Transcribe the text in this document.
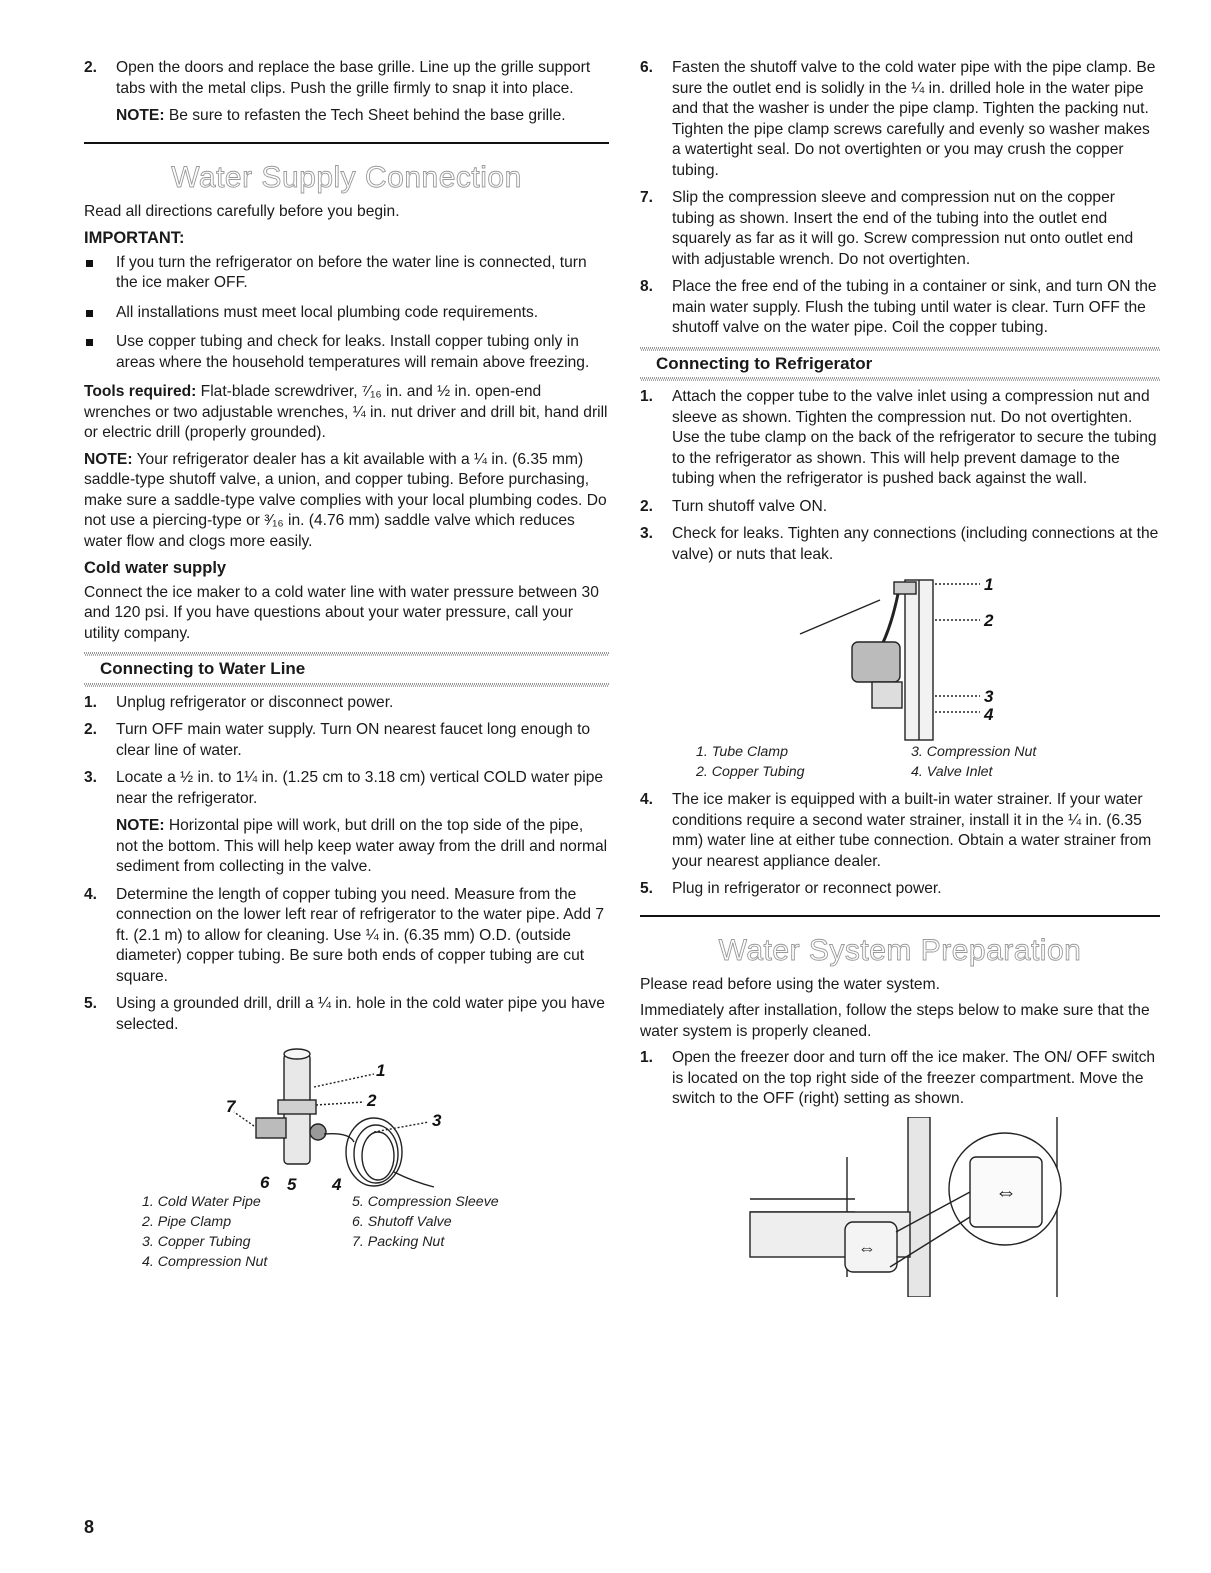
2. Open the doors and replace the base grille. Line up the grille support tabs with the metal clips. Push the grille firmly to snap it into place.

NOTE: Be sure to refasten the Tech Sheet behind the base grille.

Water Supply Connection

Read all directions carefully before you begin.

IMPORTANT:
If you turn the refrigerator on before the water line is connected, turn the ice maker OFF.
All installations must meet local plumbing code requirements.
Use copper tubing and check for leaks. Install copper tubing only in areas where the household temperatures will remain above freezing.

Tools required: Flat-blade screwdriver, ⁷⁄₁₆ in. and ½ in. open-end wrenches or two adjustable wrenches, ¼ in. nut driver and drill bit, hand drill or electric drill (properly grounded).

NOTE: Your refrigerator dealer has a kit available with a ¼ in. (6.35 mm) saddle-type shutoff valve, a union, and copper tubing. Before purchasing, make sure a saddle-type valve complies with your local plumbing codes. Do not use a piercing-type or ³⁄₁₆ in. (4.76 mm) saddle valve which reduces water flow and clogs more easily.

Cold water supply

Connect the ice maker to a cold water line with water pressure between 30 and 120 psi. If you have questions about your water pressure, call your utility company.

Connecting to Water Line
1. Unplug refrigerator or disconnect power.

2. Turn OFF main water supply. Turn ON nearest faucet long enough to clear line of water.

3. Locate a ½ in. to 1¼ in. (1.25 cm to 3.18 cm) vertical COLD water pipe near the refrigerator.

NOTE: Horizontal pipe will work, but drill on the top side of the pipe, not the bottom. This will help keep water away from the drill and normal sediment from collecting in the valve.

4. Determine the length of copper tubing you need. Measure from the connection on the lower left rear of refrigerator to the water pipe. Add 7 ft. (2.1 m) to allow for cleaning. Use ¼ in. (6.35 mm) O.D. (outside diameter) copper tubing. Be sure both ends of copper tubing are cut square.

5. Using a grounded drill, drill a ¼ in. hole in the cold water pipe you have selected.

1
2
3
4
5
6
7
1. Cold Water Pipe	5. Compression Sleeve
2. Pipe Clamp	6. Shutoff Valve
3. Copper Tubing	7. Packing Nut
4. Compression Nut
6. Fasten the shutoff valve to the cold water pipe with the pipe clamp. Be sure the outlet end is solidly in the ¼ in. drilled hole in the water pipe and that the washer is under the pipe clamp. Tighten the packing nut. Tighten the pipe clamp screws carefully and evenly so washer makes a watertight seal. Do not overtighten or you may crush the copper tubing.

7. Slip the compression sleeve and compression nut on the copper tubing as shown. Insert the end of the tubing into the outlet end squarely as far as it will go. Screw compression nut onto outlet end with adjustable wrench. Do not overtighten.

8. Place the free end of the tubing in a container or sink, and turn ON the main water supply. Flush the tubing until water is clear. Turn OFF the shutoff valve on the water pipe. Coil the copper tubing.

Connecting to Refrigerator
1. Attach the copper tube to the valve inlet using a compression nut and sleeve as shown. Tighten the compression nut. Do not overtighten. Use the tube clamp on the back of the refrigerator to secure the tubing to the refrigerator as shown. This will help prevent damage to the tubing when the refrigerator is pushed back against the wall.

2. Turn shutoff valve ON.

3. Check for leaks. Tighten any connections (including connections at the valve) or nuts that leak.

1
2
3
4
1. Tube Clamp	3. Compression Nut
2. Copper Tubing	4. Valve Inlet
4. The ice maker is equipped with a built-in water strainer. If your water conditions require a second water strainer, install it in the ¼ in. (6.35 mm) water line at either tube connection. Obtain a water strainer from your nearest appliance dealer.

5. Plug in refrigerator or reconnect power.

Water System Preparation

Please read before using the water system.

Immediately after installation, follow the steps below to make sure that the water system is properly cleaned.

1. Open the freezer door and turn off the ice maker. The ON/ OFF switch is located on the top right side of the freezer compartment. Move the switch to the OFF (right) setting as shown.

⇔
⇔
8
